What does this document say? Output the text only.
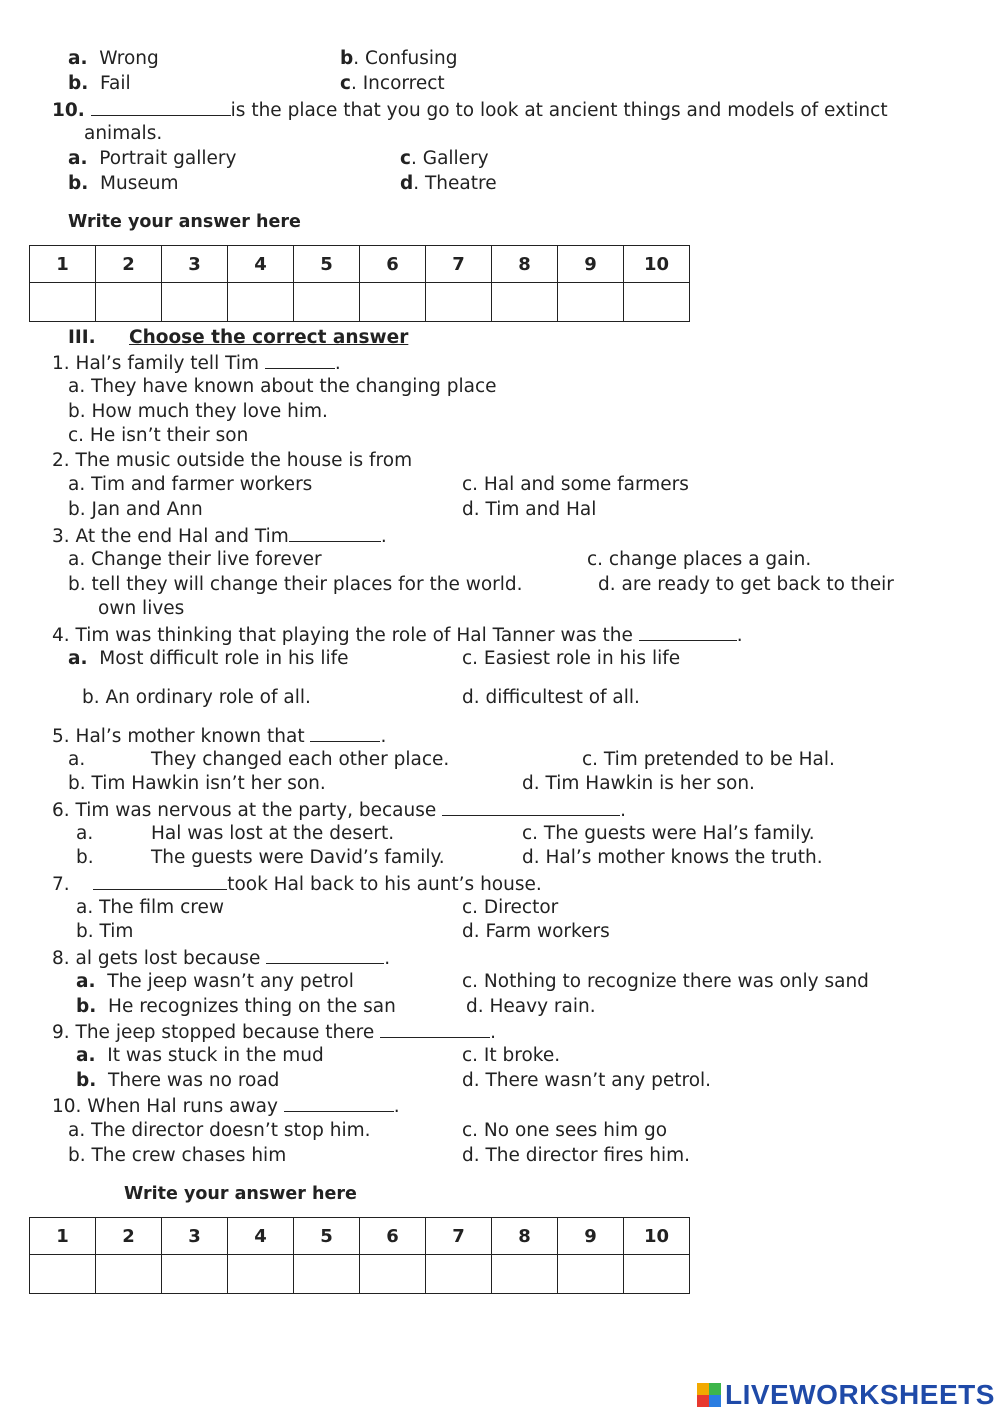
a. Wrong	b. Confusing
b. Fail	c. Incorrect
10.	is the place that you go to look at ancient things and models of extinct
animals.
a. Portrait gallery	c. Gallery
b. Museum	d. Theatre
Write your answer here
1	2	3	4	5	6	7	8	9	10

III. Choose the correct answer
1. Hal’s family tell Tim	.
a. They have known about the changing place
b. How much they love him.
c. He isn’t their son
2. The music outside the house is from
a. Tim and farmer workers	c. Hal and some farmers
b. Jan and Ann	d. Tim and Hal
3. At the end Hal and Tim	.
a. Change their live forever	c. change places a gain.
b. tell they will change their places for the world.	d. are ready to get back to their
own lives
4. Tim was thinking that playing the role of Hal Tanner was the	.
a. Most difficult role in his life	c. Easiest role in his life
b. An ordinary role of all.	d. difficultest of all.
5. Hal’s mother known that	.
a.	They changed each other place.	c. Tim pretended to be Hal.
b. Tim Hawkin isn’t her son.	d. Tim Hawkin is her son.
6. Tim was nervous at the party, because	.
a.	Hal was lost at the desert.	c. The guests were Hal’s family.
b.	The guests were David’s family.	d. Hal’s mother knows the truth.
7.	took Hal back to his aunt’s house.
a. The film crew	c. Director
b. Tim	d. Farm workers
8. al gets lost because	.
a. The jeep wasn’t any petrol	c. Nothing to recognize there was only sand
b. He recognizes thing on the san	d. Heavy rain.
9. The jeep stopped because there	.
a. It was stuck in the mud	c. It broke.
b. There was no road	d. There wasn’t any petrol.
10. When Hal runs away	.
a. The director doesn’t stop him.	c. No one sees him go
b. The crew chases him	d. The director fires him.
Write your answer here
1	2	3	4	5	6	7	8	9	10

LIVEWORKSHEETS
